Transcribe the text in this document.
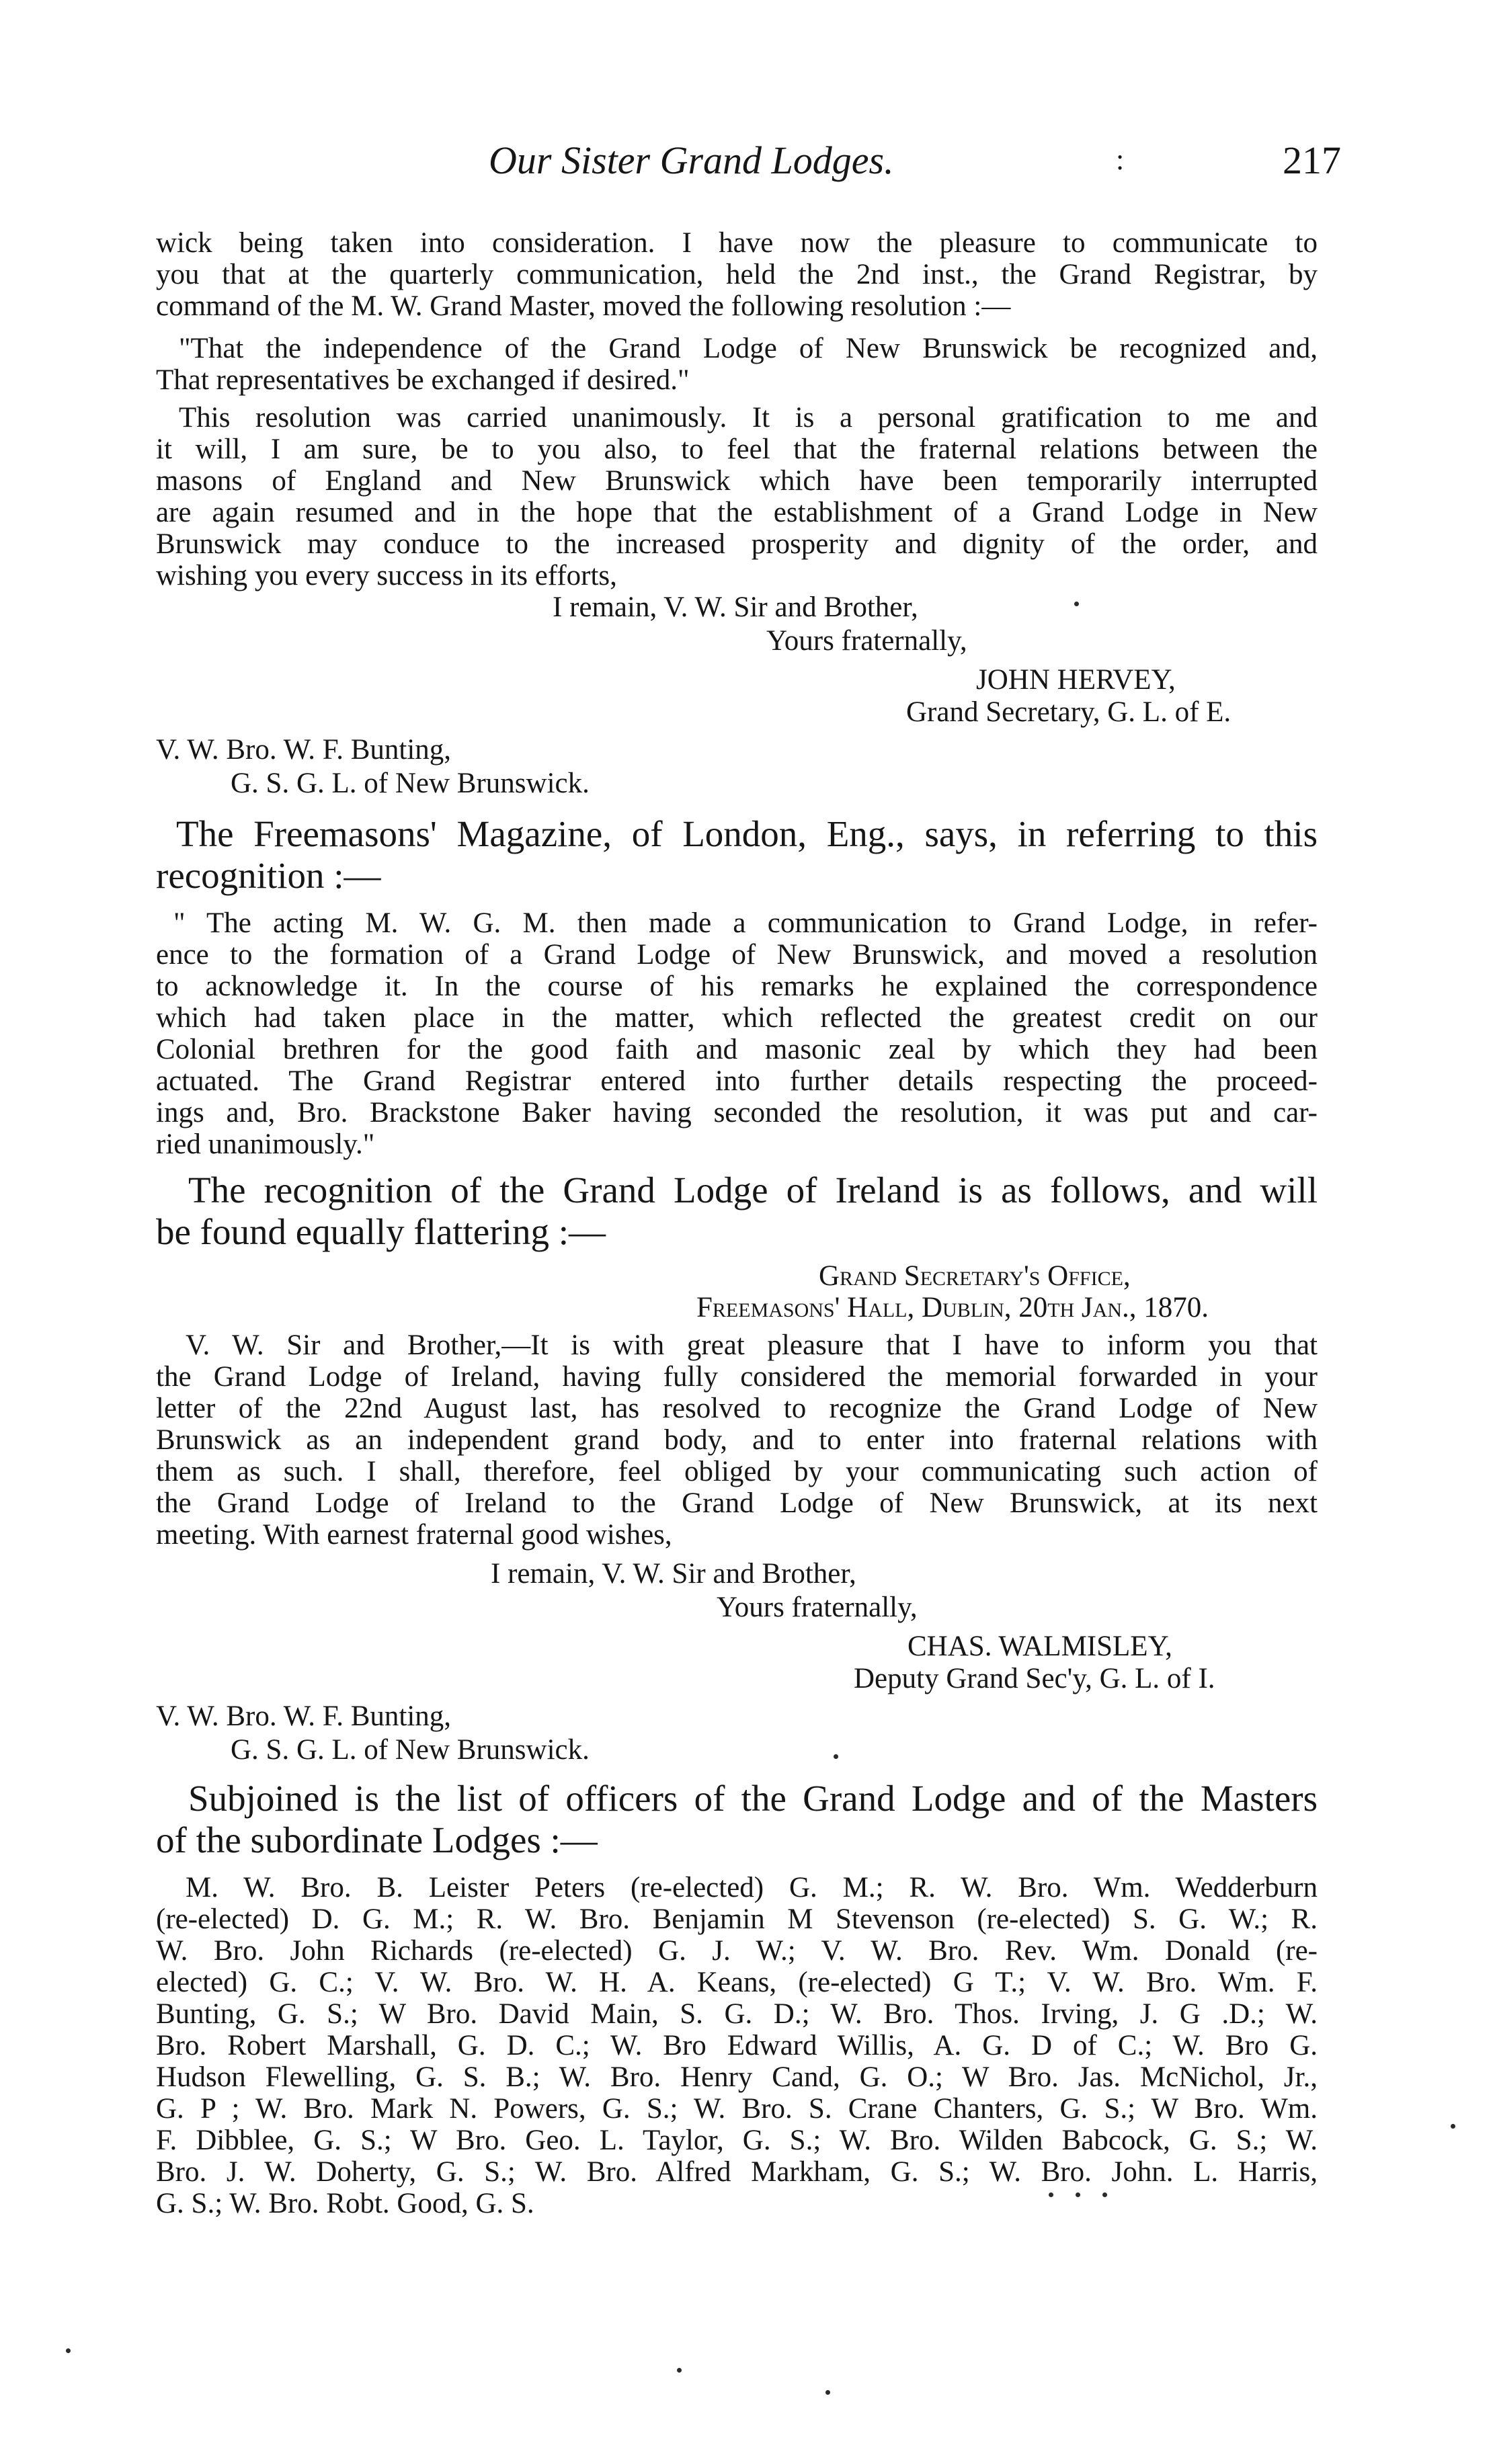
Our Sister Grand Lodges.	:	217
wick being taken into consideration. I have now the pleasure to communicate to
you that at the quarterly communication, held the 2nd inst., the Grand Registrar, by
command of the M. W. Grand Master, moved the following resolution :—
"That the independence of the Grand Lodge of New Brunswick be recognized and,
That representatives be exchanged if desired."
This resolution was carried unanimously. It is a personal gratification to me and
it will, I am sure, be to you also, to feel that the fraternal relations between the
masons of England and New Brunswick which have been temporarily interrupted
are again resumed and in the hope that the establishment of a Grand Lodge in New
Brunswick may conduce to the increased prosperity and dignity of the order, and
wishing you every success in its efforts,
I remain, V. W. Sir and Brother,
Yours fraternally,
JOHN HERVEY,
Grand Secretary, G. L. of E.
V. W. Bro. W. F. Bunting,
G. S. G. L. of New Brunswick.
The Freemasons' Magazine, of London, Eng., says, in referring to this
recognition :—
" The acting M. W. G. M. then made a communication to Grand Lodge, in refer-
ence to the formation of a Grand Lodge of New Brunswick, and moved a resolution
to acknowledge it. In the course of his remarks he explained the correspondence
which had taken place in the matter, which reflected the greatest credit on our
Colonial brethren for the good faith and masonic zeal by which they had been
actuated. The Grand Registrar entered into further details respecting the proceed-
ings and, Bro. Brackstone Baker having seconded the resolution, it was put and car-
ried unanimously."
The recognition of the Grand Lodge of Ireland is as follows, and will
be found equally flattering :—
Grand Secretary's Office,
Freemasons' Hall, Dublin, 20th Jan., 1870.
V. W. Sir and Brother,—It is with great pleasure that I have to inform you that
the Grand Lodge of Ireland, having fully considered the memorial forwarded in your
letter of the 22nd August last, has resolved to recognize the Grand Lodge of New
Brunswick as an independent grand body, and to enter into fraternal relations with
them as such. I shall, therefore, feel obliged by your communicating such action of
the Grand Lodge of Ireland to the Grand Lodge of New Brunswick, at its next
meeting. With earnest fraternal good wishes,
I remain, V. W. Sir and Brother,
Yours fraternally,
CHAS. WALMISLEY,
Deputy Grand Sec'y, G. L. of I.
V. W. Bro. W. F. Bunting,
G. S. G. L. of New Brunswick.
Subjoined is the list of officers of the Grand Lodge and of the Masters
of the subordinate Lodges :—
M. W. Bro. B. Leister Peters (re-elected) G. M.; R. W. Bro. Wm. Wedderburn
(re-elected) D. G. M.; R. W. Bro. Benjamin M Stevenson (re-elected) S. G. W.; R.
W. Bro. John Richards (re-elected) G. J. W.; V. W. Bro. Rev. Wm. Donald (re-
elected) G. C.; V. W. Bro. W. H. A. Keans, (re-elected) G T.; V. W. Bro. Wm. F.
Bunting, G. S.; W Bro. David Main, S. G. D.; W. Bro. Thos. Irving, J. G .D.; W.
Bro. Robert Marshall, G. D. C.; W. Bro Edward Willis, A. G. D of C.; W. Bro G.
Hudson Flewelling, G. S. B.; W. Bro. Henry Cand, G. O.; W Bro. Jas. McNichol, Jr.,
G. P ; W. Bro. Mark N. Powers, G. S.; W. Bro. S. Crane Chanters, G. S.; W Bro. Wm.
F. Dibblee, G. S.; W Bro. Geo. L. Taylor, G. S.; W. Bro. Wilden Babcock, G. S.; W.
Bro. J. W. Doherty, G. S.; W. Bro. Alfred Markham, G. S.; W. Bro. John. L. Harris,
G. S.; W. Bro. Robt. Good, G. S.
